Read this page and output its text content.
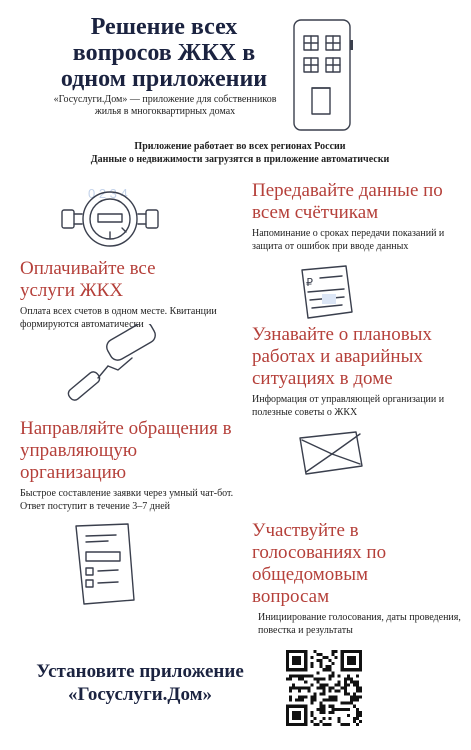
Решение всех вопросов ЖКХ в одном приложении
«Госуслуги.Дом» — приложение для собственников жилья в многоквартирных домах
Приложение работает во всех регионах России
Данные о недвижимости загрузятся в приложение автоматически
Передавайте данные по всем счётчикам
Напоминание о сроках передачи показаний и защита от ошибок при вводе данных
0 2 3 4
Оплачивайте все услуги ЖКХ
Оплата всех счетов в одном месте. Квитанции формируются автоматически
₽
Узнавайте о плановых работах и аварийных ситуациях в доме
Информация от управляющей организации и полезные советы о ЖКХ
Направляйте обращения в управляющую организацию
Быстрое составление заявки через умный чат-бот. Ответ поступит в течение 3–7 дней
Участвуйте в голосованиях по общедомовым вопросам
Инициирование голосования, даты проведения, повестка и результаты
Установите приложение «Госуслуги.Дом»
